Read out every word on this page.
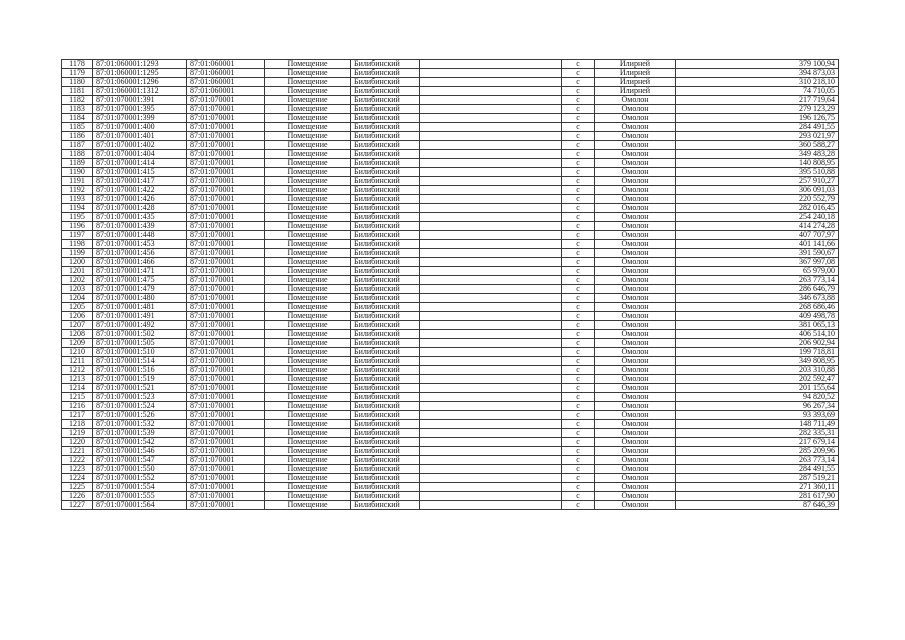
1178	87:01:060001:1293	87:01:060001	Помещение	Билибинский		с	Илирней	379 100,94
1179	87:01:060001:1295	87:01:060001	Помещение	Билибинский		с	Илирней	394 873,03
1180	87:01:060001:1296	87:01:060001	Помещение	Билибинский		с	Илирней	310 218,10
1181	87:01:060001:1312	87:01:060001	Помещение	Билибинский		с	Илирней	74 710,05
1182	87:01:070001:391	87:01:070001	Помещение	Билибинский		с	Омолон	217 719,64
1183	87:01:070001:395	87:01:070001	Помещение	Билибинский		с	Омолон	279 123,29
1184	87:01:070001:399	87:01:070001	Помещение	Билибинский		с	Омолон	196 126,75
1185	87:01:070001:400	87:01:070001	Помещение	Билибинский		с	Омолон	284 491,55
1186	87:01:070001:401	87:01:070001	Помещение	Билибинский		с	Омолон	293 021,97
1187	87:01:070001:402	87:01:070001	Помещение	Билибинский		с	Омолон	360 588,27
1188	87:01:070001:404	87:01:070001	Помещение	Билибинский		с	Омолон	349 483,28
1189	87:01:070001:414	87:01:070001	Помещение	Билибинский		с	Омолон	140 808,95
1190	87:01:070001:415	87:01:070001	Помещение	Билибинский		с	Омолон	395 510,88
1191	87:01:070001:417	87:01:070001	Помещение	Билибинский		с	Омолон	257 910,27
1192	87:01:070001:422	87:01:070001	Помещение	Билибинский		с	Омолон	306 091,03
1193	87:01:070001:426	87:01:070001	Помещение	Билибинский		с	Омолон	220 552,79
1194	87:01:070001:428	87:01:070001	Помещение	Билибинский		с	Омолон	282 016,45
1195	87:01:070001:435	87:01:070001	Помещение	Билибинский		с	Омолон	254 240,18
1196	87:01:070001:439	87:01:070001	Помещение	Билибинский		с	Омолон	414 274,28
1197	87:01:070001:448	87:01:070001	Помещение	Билибинский		с	Омолон	407 707,97
1198	87:01:070001:453	87:01:070001	Помещение	Билибинский		с	Омолон	401 141,66
1199	87:01:070001:456	87:01:070001	Помещение	Билибинский		с	Омолон	391 590,67
1200	87:01:070001:466	87:01:070001	Помещение	Билибинский		с	Омолон	367 997,08
1201	87:01:070001:471	87:01:070001	Помещение	Билибинский		с	Омолон	65 979,00
1202	87:01:070001:475	87:01:070001	Помещение	Билибинский		с	Омолон	263 773,14
1203	87:01:070001:479	87:01:070001	Помещение	Билибинский		с	Омолон	286 646,79
1204	87:01:070001:480	87:01:070001	Помещение	Билибинский		с	Омолон	346 673,88
1205	87:01:070001:481	87:01:070001	Помещение	Билибинский		с	Омолон	268 686,46
1206	87:01:070001:491	87:01:070001	Помещение	Билибинский		с	Омолон	409 498,78
1207	87:01:070001:492	87:01:070001	Помещение	Билибинский		с	Омолон	381 065,13
1208	87:01:070001:502	87:01:070001	Помещение	Билибинский		с	Омолон	406 514,10
1209	87:01:070001:505	87:01:070001	Помещение	Билибинский		с	Омолон	206 902,94
1210	87:01:070001:510	87:01:070001	Помещение	Билибинский		с	Омолон	199 718,81
1211	87:01:070001:514	87:01:070001	Помещение	Билибинский		с	Омолон	349 808,95
1212	87:01:070001:516	87:01:070001	Помещение	Билибинский		с	Омолон	203 310,88
1213	87:01:070001:519	87:01:070001	Помещение	Билибинский		с	Омолон	202 592,47
1214	87:01:070001:521	87:01:070001	Помещение	Билибинский		с	Омолон	201 155,64
1215	87:01:070001:523	87:01:070001	Помещение	Билибинский		с	Омолон	94 820,52
1216	87:01:070001:524	87:01:070001	Помещение	Билибинский		с	Омолон	96 267,34
1217	87:01:070001:526	87:01:070001	Помещение	Билибинский		с	Омолон	93 393,69
1218	87:01:070001:532	87:01:070001	Помещение	Билибинский		с	Омолон	148 711,49
1219	87:01:070001:539	87:01:070001	Помещение	Билибинский		с	Омолон	282 335,31
1220	87:01:070001:542	87:01:070001	Помещение	Билибинский		с	Омолон	217 679,14
1221	87:01:070001:546	87:01:070001	Помещение	Билибинский		с	Омолон	285 209,96
1222	87:01:070001:547	87:01:070001	Помещение	Билибинский		с	Омолон	263 773,14
1223	87:01:070001:550	87:01:070001	Помещение	Билибинский		с	Омолон	284 491,55
1224	87:01:070001:552	87:01:070001	Помещение	Билибинский		с	Омолон	287 519,21
1225	87:01:070001:554	87:01:070001	Помещение	Билибинский		с	Омолон	271 360,11
1226	87:01:070001:555	87:01:070001	Помещение	Билибинский		с	Омолон	281 617,90
1227	87:01:070001:564	87:01:070001	Помещение	Билибинский		с	Омолон	87 646,39
